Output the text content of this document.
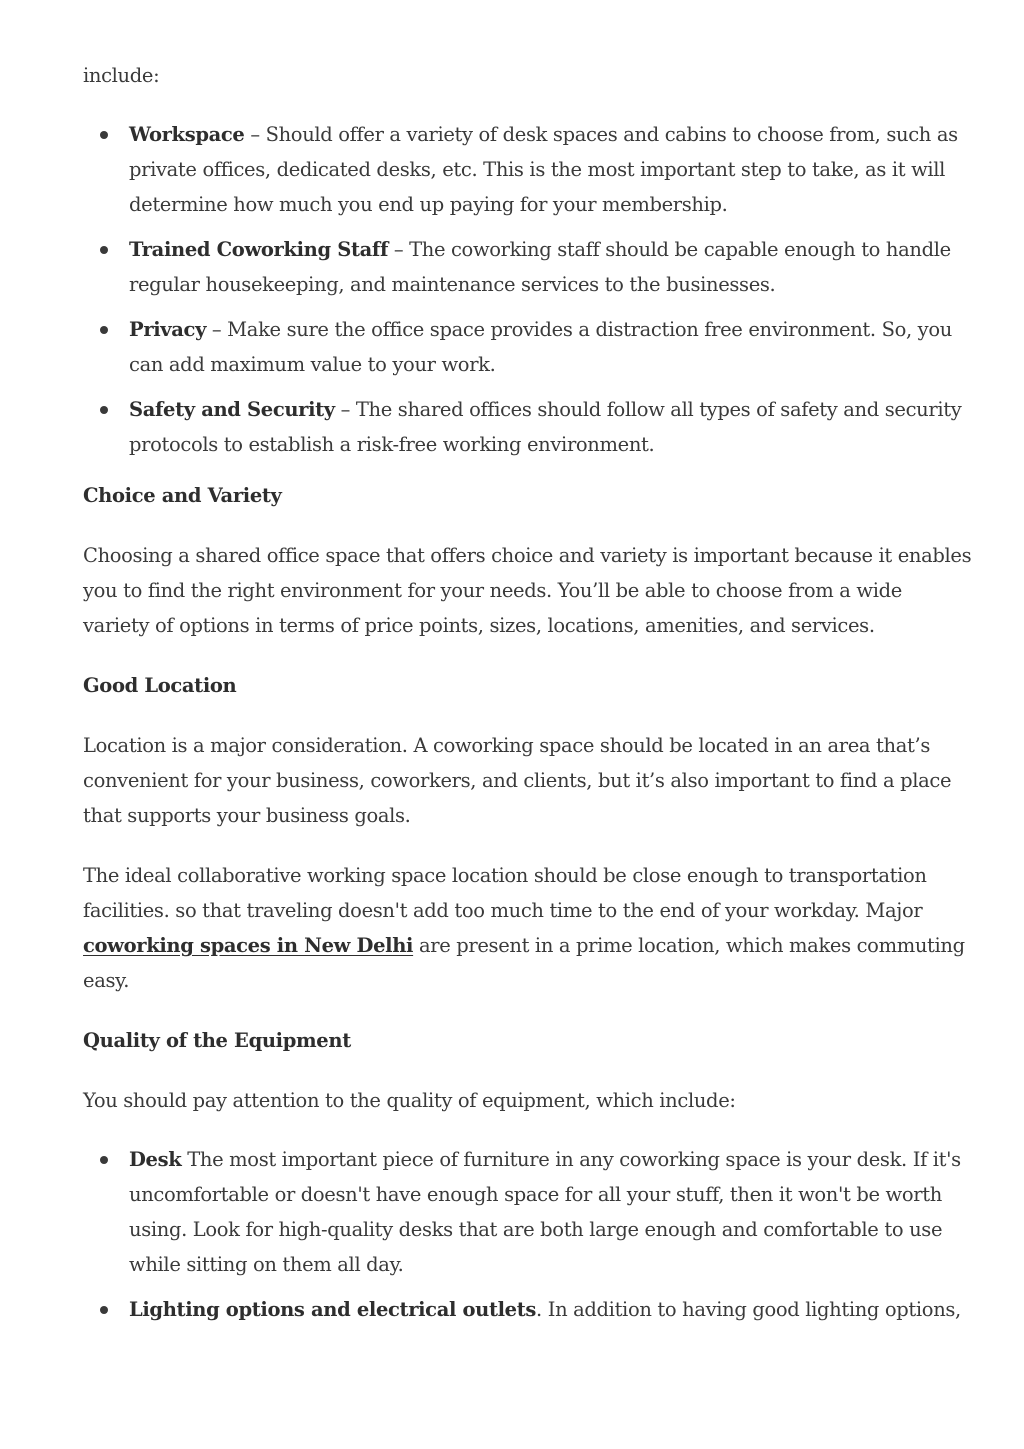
include:

Workspace – Should offer a variety of desk spaces and cabins to choose from, such as private offices, dedicated desks, etc. This is the most important step to take, as it will determine how much you end up paying for your membership.
Trained Coworking Staff – The coworking staff should be capable enough to handle regular housekeeping, and maintenance services to the businesses.
Privacy – Make sure the office space provides a distraction free environment. So, you can add maximum value to your work.
Safety and Security – The shared offices should follow all types of safety and security protocols to establish a risk-free working environment.

Choice and Variety

Choosing a shared office space that offers choice and variety is important because it enables you to find the right environment for your needs. You’ll be able to choose from a wide variety of options in terms of price points, sizes, locations, amenities, and services.

Good Location

Location is a major consideration. A coworking space should be located in an area that’s convenient for your business, coworkers, and clients, but it’s also important to find a place that supports your business goals.

The ideal collaborative working space location should be close enough to transportation facilities. so that traveling doesn't add too much time to the end of your workday. Major coworking spaces in New Delhi are present in a prime location, which makes commuting easy.

Quality of the Equipment

You should pay attention to the quality of equipment, which include:

Desk The most important piece of furniture in any coworking space is your desk. If it's uncomfortable or doesn't have enough space for all your stuff, then it won't be worth using. Look for high-quality desks that are both large enough and comfortable to use while sitting on them all day.
Lighting options and electrical outlets. In addition to having good lighting options,
